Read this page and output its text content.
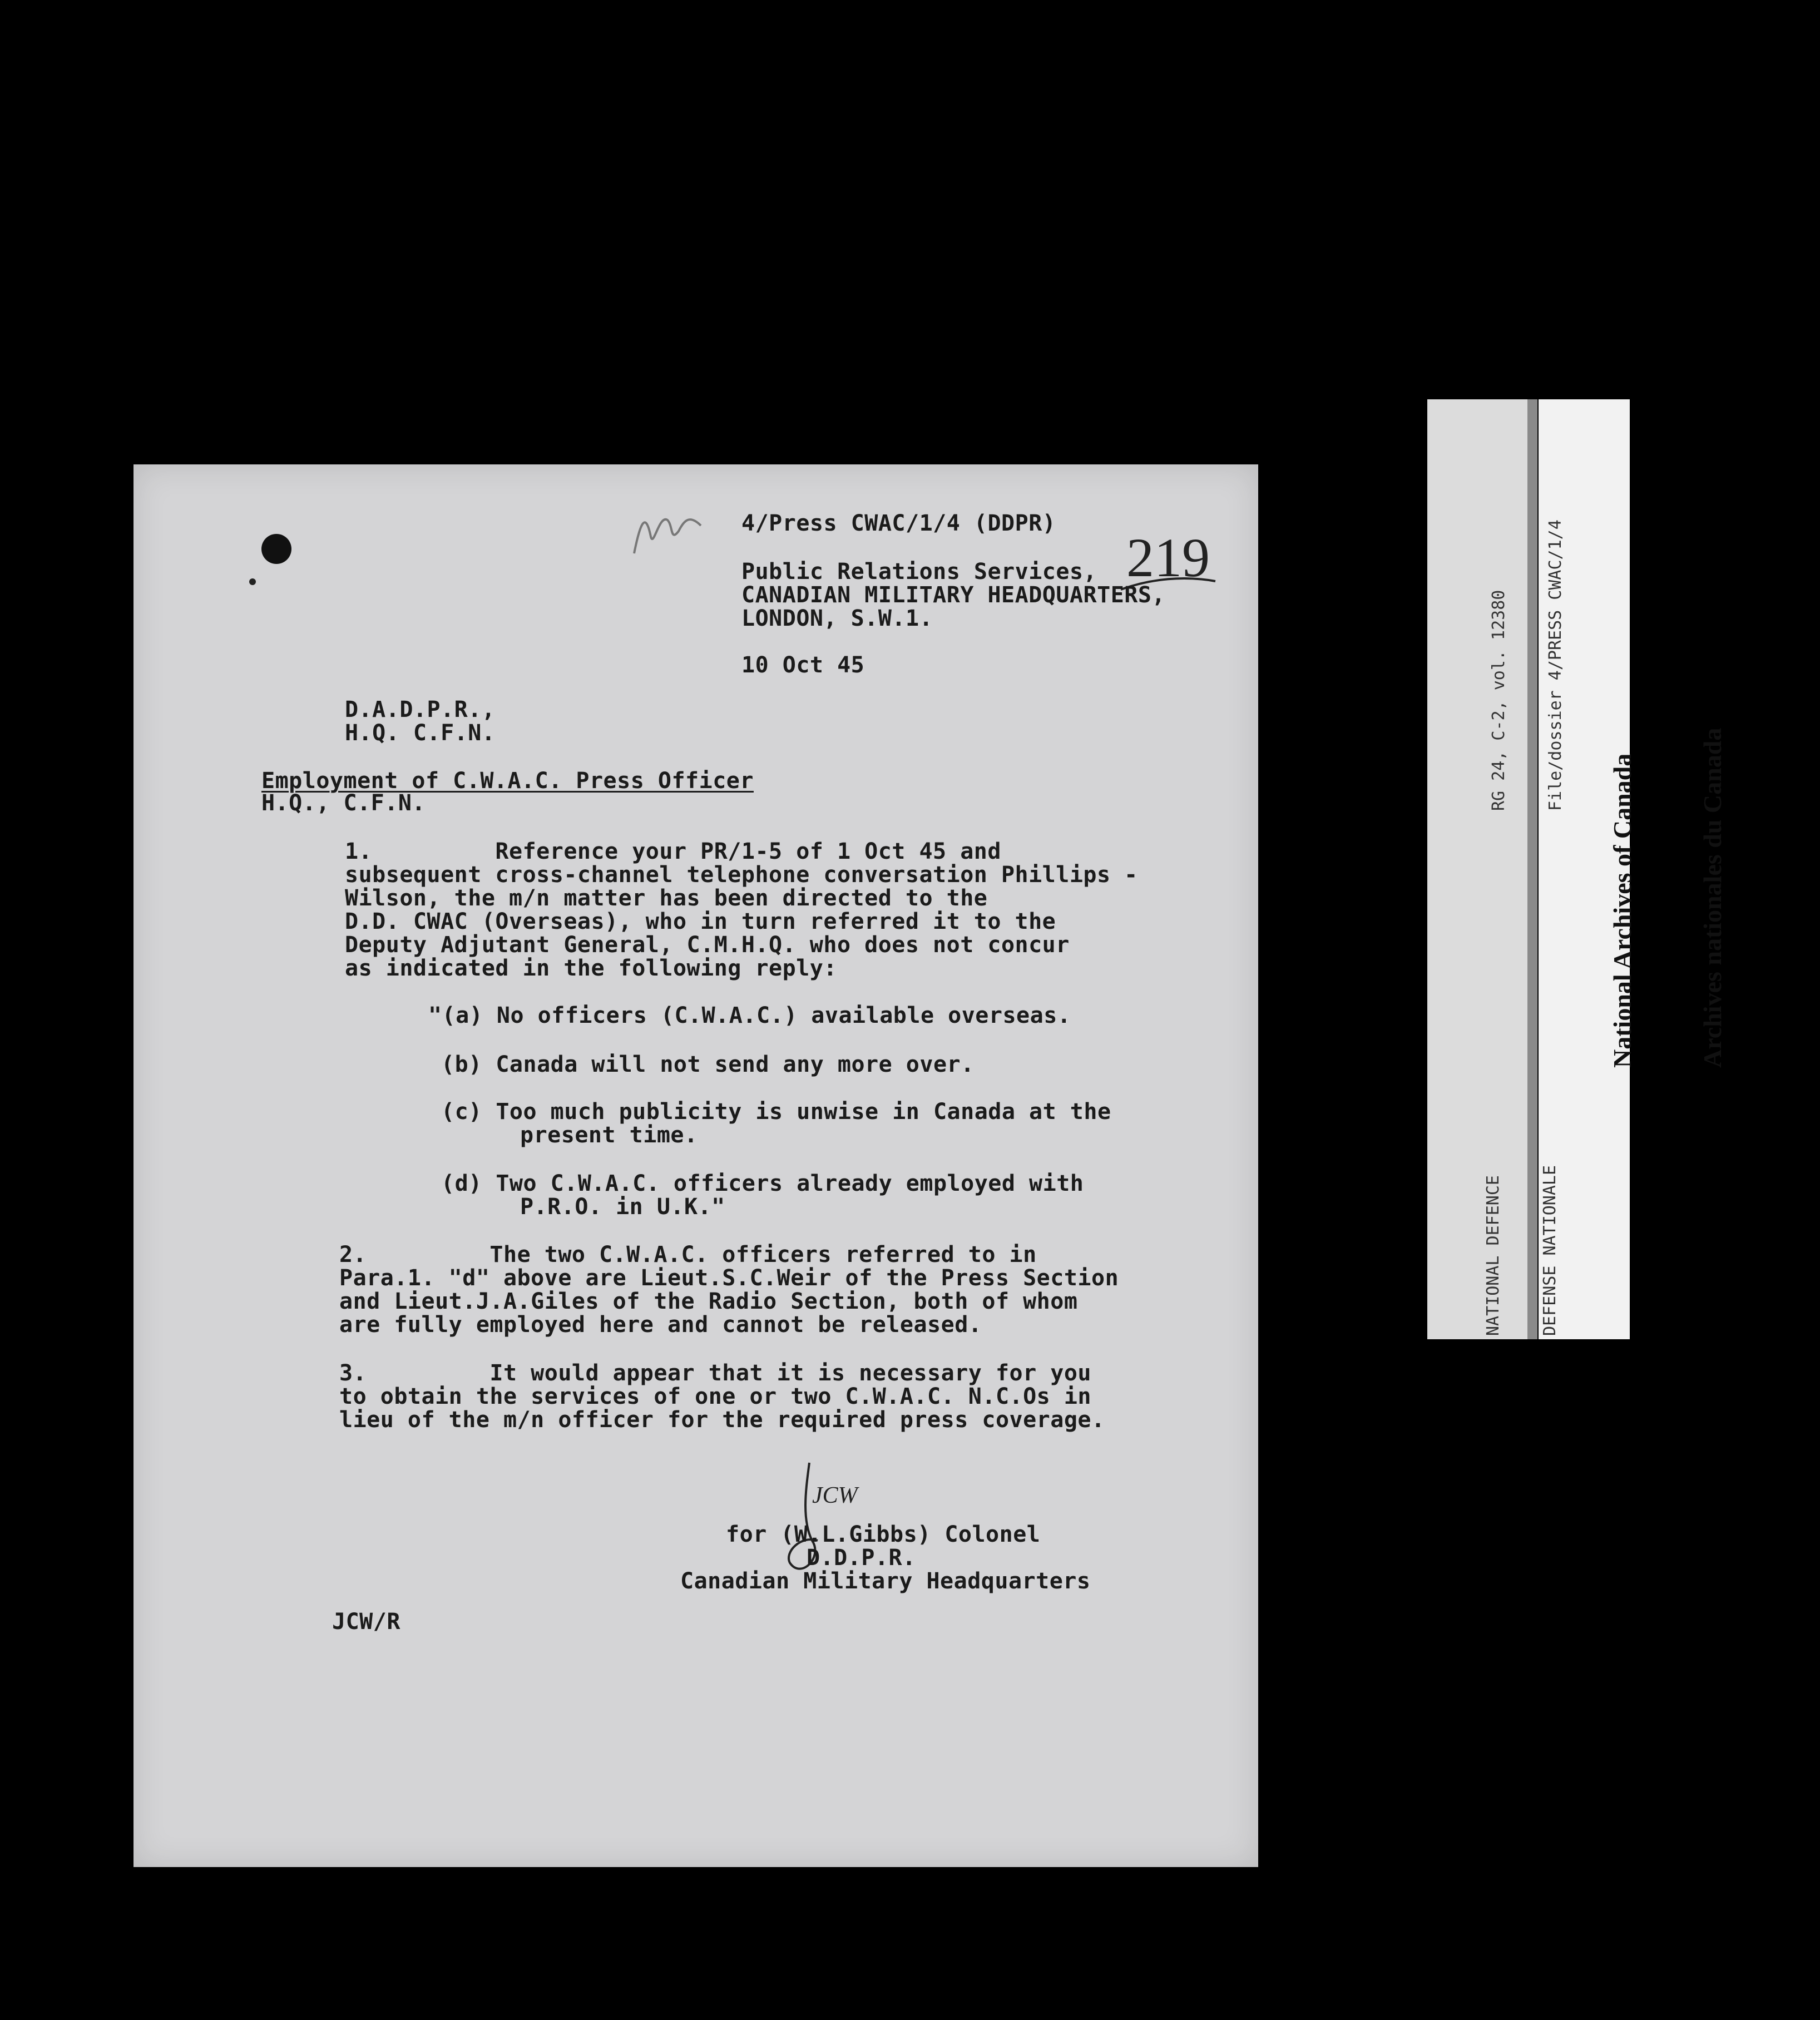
RG 24, C-2, vol. 12380

File/dossier 4/PRESS CWAC/1/4

NATIONAL DEFENCE

DEFENSE NATIONALE

National Archives of Canada

Archives nationales du Canada

219
4/Press CWAC/1/4 (DDPR)
Public Relations Services,
CANADIAN MILITARY HEADQUARTERS,
LONDON, S.W.1.
10 Oct 45
D.A.D.P.R.,
H.Q. C.F.N.
Employment of C.W.A.C. Press Officer
H.Q., C.F.N.
1.         Reference your PR/1-5 of 1 Oct 45 and
subsequent cross-channel telephone conversation Phillips -
Wilson, the m/n matter has been directed to the
D.D. CWAC (Overseas), who in turn referred it to the
Deputy Adjutant General, C.M.H.Q. who does not concur
as indicated in the following reply:
"(a) No officers (C.W.A.C.) available overseas.
(b) Canada will not send any more over.
(c) Too much publicity is unwise in Canada at the
present time.
(d) Two C.W.A.C. officers already employed with
P.R.O. in U.K."
2.         The two C.W.A.C. officers referred to in
Para.1. "d" above are Lieut.S.C.Weir of the Press Section
and Lieut.J.A.Giles of the Radio Section, both of whom
are fully employed here and cannot be released.
3.         It would appear that it is necessary for you
to obtain the services of one or two C.W.A.C. N.C.Os in
lieu of the m/n officer for the required press coverage.
JCW
for (W.L.Gibbs) Colonel
D.D.P.R.
Canadian Military Headquarters
JCW/R
